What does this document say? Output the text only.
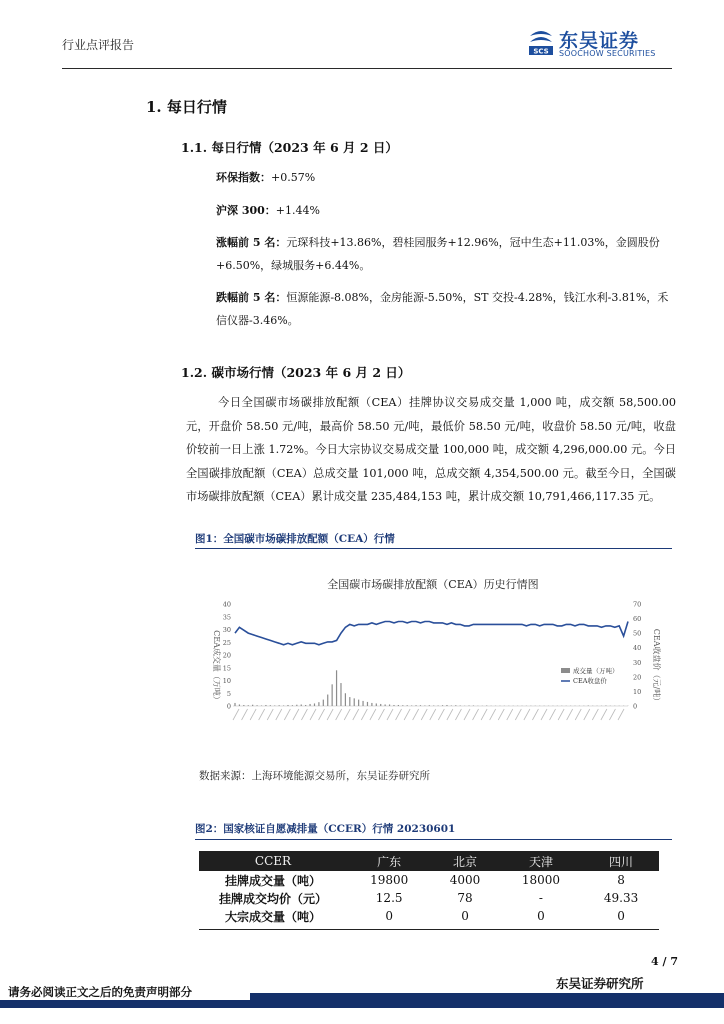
行业点评报告	SCS 东吴证券
SOOCHOW SECURITIES
1. 每日行情
1.1. 每日行情（2023 年 6 月 2 日）
环保指数：+0.57%
沪深 300：+1.44%
涨幅前 5 名：元琛科技+13.86%，碧桂园服务+12.96%，冠中生态+11.03%，金圆股份+6.50%，绿城服务+6.44%。
跌幅前 5 名：恒源能源-8.08%，金房能源-5.50%，ST 交投-4.28%，钱江水利-3.81%，禾信仪器-3.46%。
1.2. 碳市场行情（2023 年 6 月 2 日）
今日全国碳市场碳排放配额（CEA）挂牌协议交易成交量 1,000 吨，成交额 58,500.00 元，开盘价 58.50 元/吨，最高价 58.50 元/吨，最低价 58.50 元/吨，收盘价 58.50 元/吨，收盘价较前一日上涨 1.72%。今日大宗协议交易成交量 100,000 吨，成交额 4,296,000.00 元。今日全国碳排放配额（CEA）总成交量 101,000 吨，总成交额 4,354,500.00 元。截至今日，全国碳市场碳排放配额（CEA）累计成交量 235,484,153 吨，累计成交额 10,791,466,117.35 元。
图1：全国碳市场碳排放配额（CEA）行情
全国碳市场碳排放配额（CEA）历史行情图
CEA成交量（万吨）	CEA收盘价（元/吨）
40
35
30
25
20
15
10
5
0
70
60
50
40
30
20
10
0
成交量（万吨）
CEA收盘价
数据来源：上海环境能源交易所，东吴证券研究所
图2：国家核证自愿减排量（CCER）行情 20230601
CCER	广东	北京	天津	四川
挂牌成交量（吨）	19800	4000	18000	8
挂牌成交均价（元）	12.5	78	-	49.33
大宗成交量（吨）	0	0	0	0
4 / 7
请务必阅读正文之后的免责声明部分
东吴证券研究所
